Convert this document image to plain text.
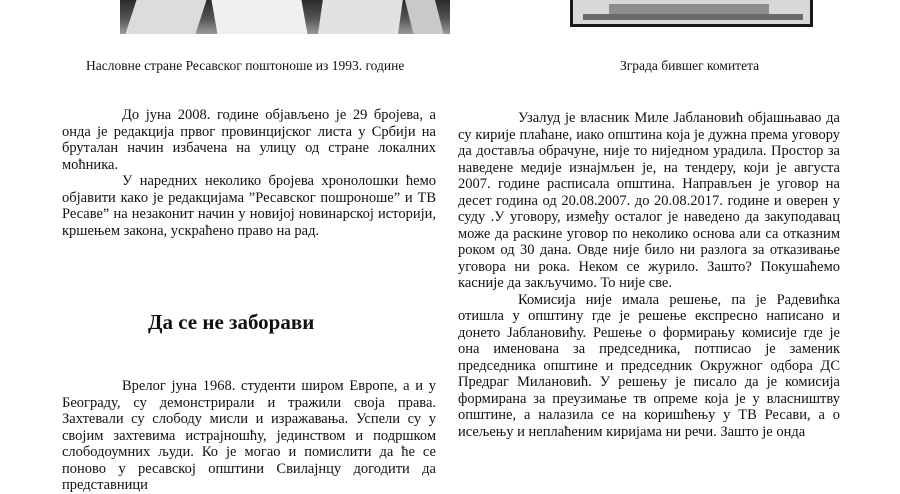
Насловне стране Ресавског поштоноше из 1993. године	Зграда бившег комитета

До јуна 2008. године објављено је 29 бројева, а онда је редакција првог провинцијског листа у Србији на бруталан начин избачена на улицу од стране локалних моћника.

У наредних неколико бројева хронолошки ћемо објавити какo је редакцијама ”Ресавског пошроноше” и ТВ Ресаве” на незаконит начин у новијој новинарској историји, кршењем закона, ускраћено право на рад.

Да се не заборави

Врелог јуна 1968. студенти широм Европе, а и у Београду, су демонстрирали и тражили своја права. Захтевали су слободу мисли и изражавања. Успели су у својим захтевима истрајношћу, јединством и подршком слободоумних људи. Ко је могао и помислити да ће се поново у ресавској општини Свилајнцу догодити да представници

Узалуд је власник Миле Јаблановић објашњавао да су кирије плаћане, иако општина која је дужна према уговору да доставља обрачуне, није то ниједном урадила. Простор за наведене медије изнајмљен је, на тендеру, који је августа 2007. године расписала општина. Направљен је уговор на десет година од 20.08.2007. до 20.08.2017. године и оверен у суду .У уговору, између осталог је наведено да закуподавац може да раскине уговор по неколико основа али са отказним роком од 30 дана. Овде није било ни разлога за отказивање уговора ни рока. Неком се журило. Зашто? Покушаћемо касније да закључимо. То није све.

Комисија није имала решење, па је Радевићка отишла у општину где је решење експресно написано и донето Јаблановићу. Решење о формирању комисије где је она именована за председника, потписао је заменик председника општине и председник Окружног одбора ДС Предраг Милановић. У решењу је писало да је комисија формирана за преузимање тв опреме која је у власништву општине, а налазила се на коришћењу у ТВ Ресави, а о исељењу и неплаћеним киријама ни речи. Зашто је онда
